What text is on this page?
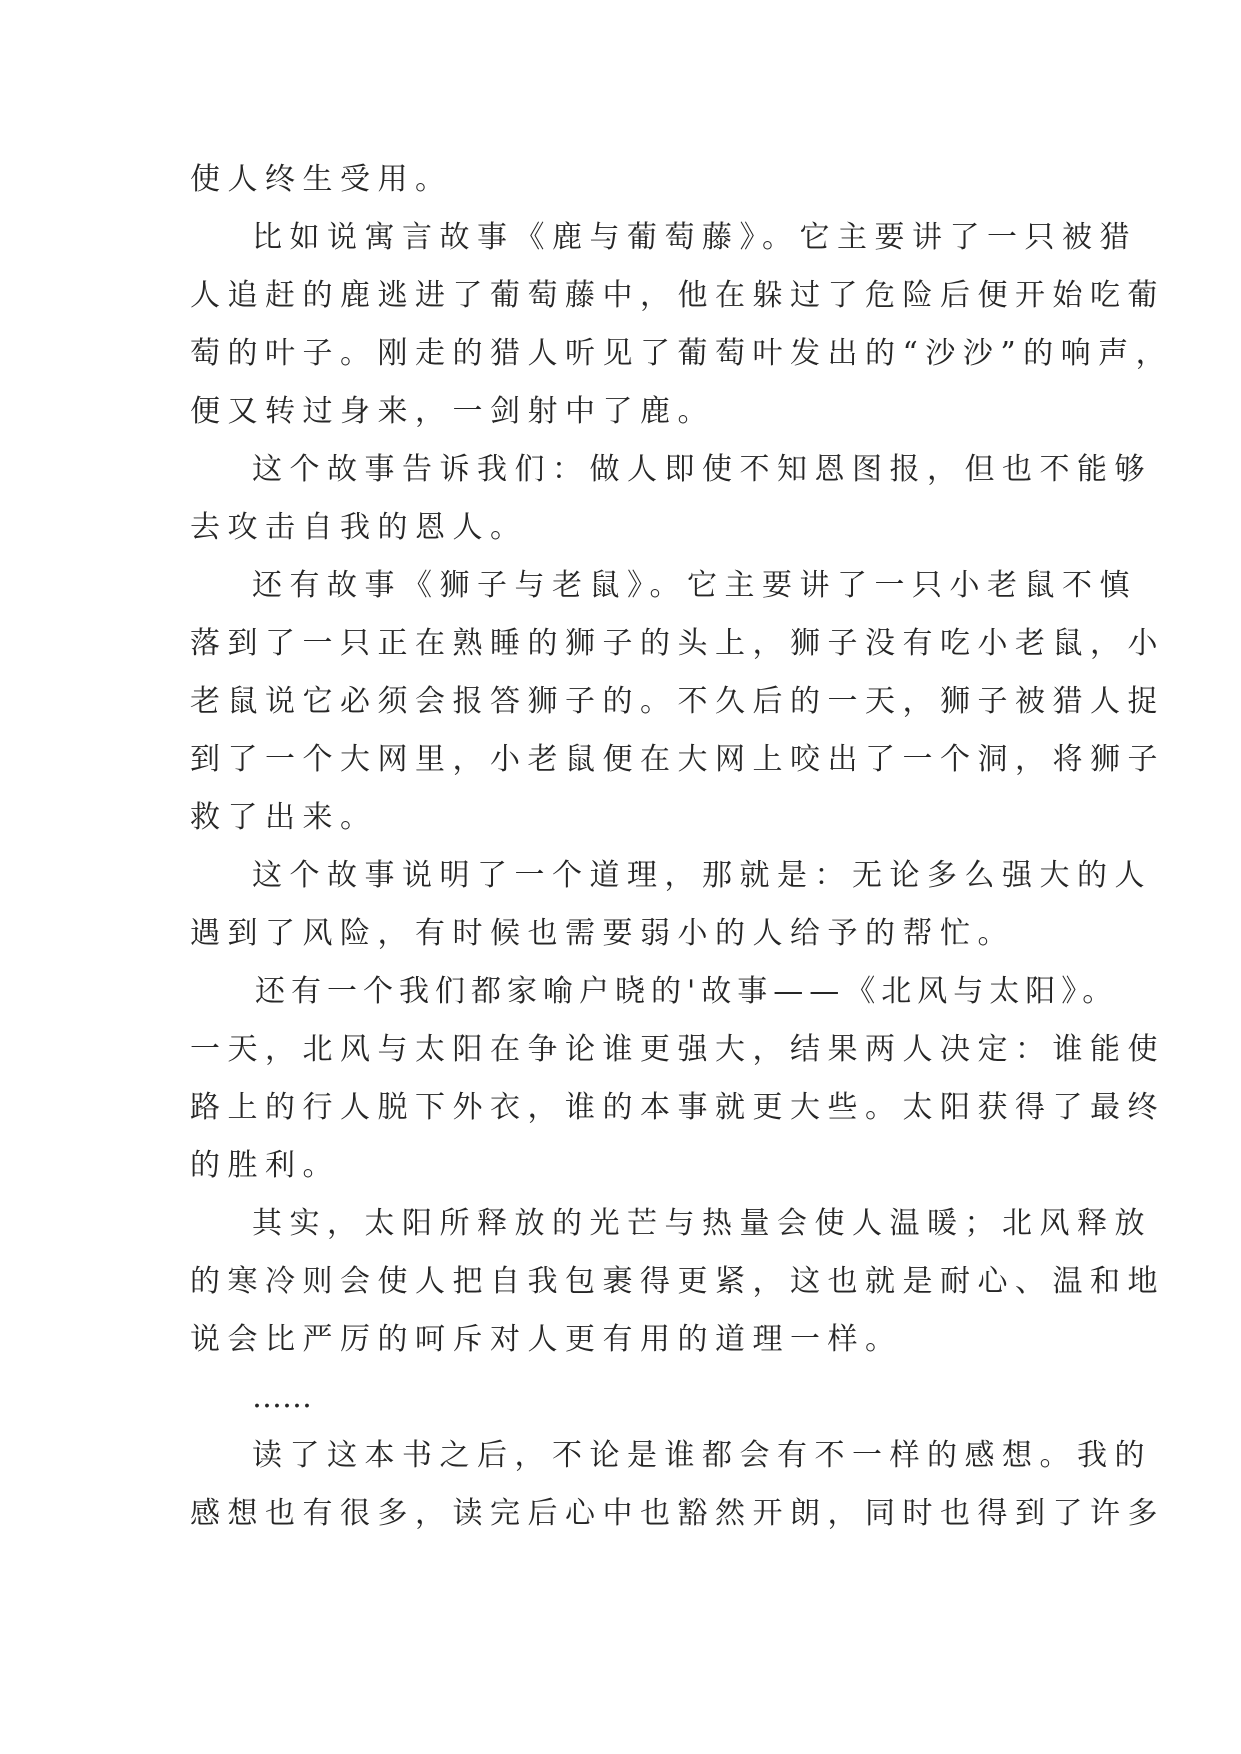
使人终生受用。
比如说寓言故事《鹿与葡萄藤》。它主要讲了一只被猎
人追赶的鹿逃进了葡萄藤中，他在躲过了危险后便开始吃葡
萄的叶子。刚走的猎人听见了葡萄叶发出的“沙沙”的响声，
便又转过身来，一剑射中了鹿。
这个故事告诉我们：做人即使不知恩图报，但也不能够
去攻击自我的恩人。
还有故事《狮子与老鼠》。它主要讲了一只小老鼠不慎
落到了一只正在熟睡的狮子的头上，狮子没有吃小老鼠，小
老鼠说它必须会报答狮子的。不久后的一天，狮子被猎人捉
到了一个大网里，小老鼠便在大网上咬出了一个洞，将狮子
救了出来。
这个故事说明了一个道理，那就是：无论多么强大的人
遇到了风险，有时候也需要弱小的人给予的帮忙。
还有一个我们都家喻户晓的'故事——《北风与太阳》。
一天，北风与太阳在争论谁更强大，结果两人决定：谁能使
路上的行人脱下外衣，谁的本事就更大些。太阳获得了最终
的胜利。
其实，太阳所释放的光芒与热量会使人温暖；北风释放
的寒冷则会使人把自我包裹得更紧，这也就是耐心、温和地
说会比严厉的呵斥对人更有用的道理一样。
……
读了这本书之后，不论是谁都会有不一样的感想。我的
感想也有很多，读完后心中也豁然开朗，同时也得到了许多
